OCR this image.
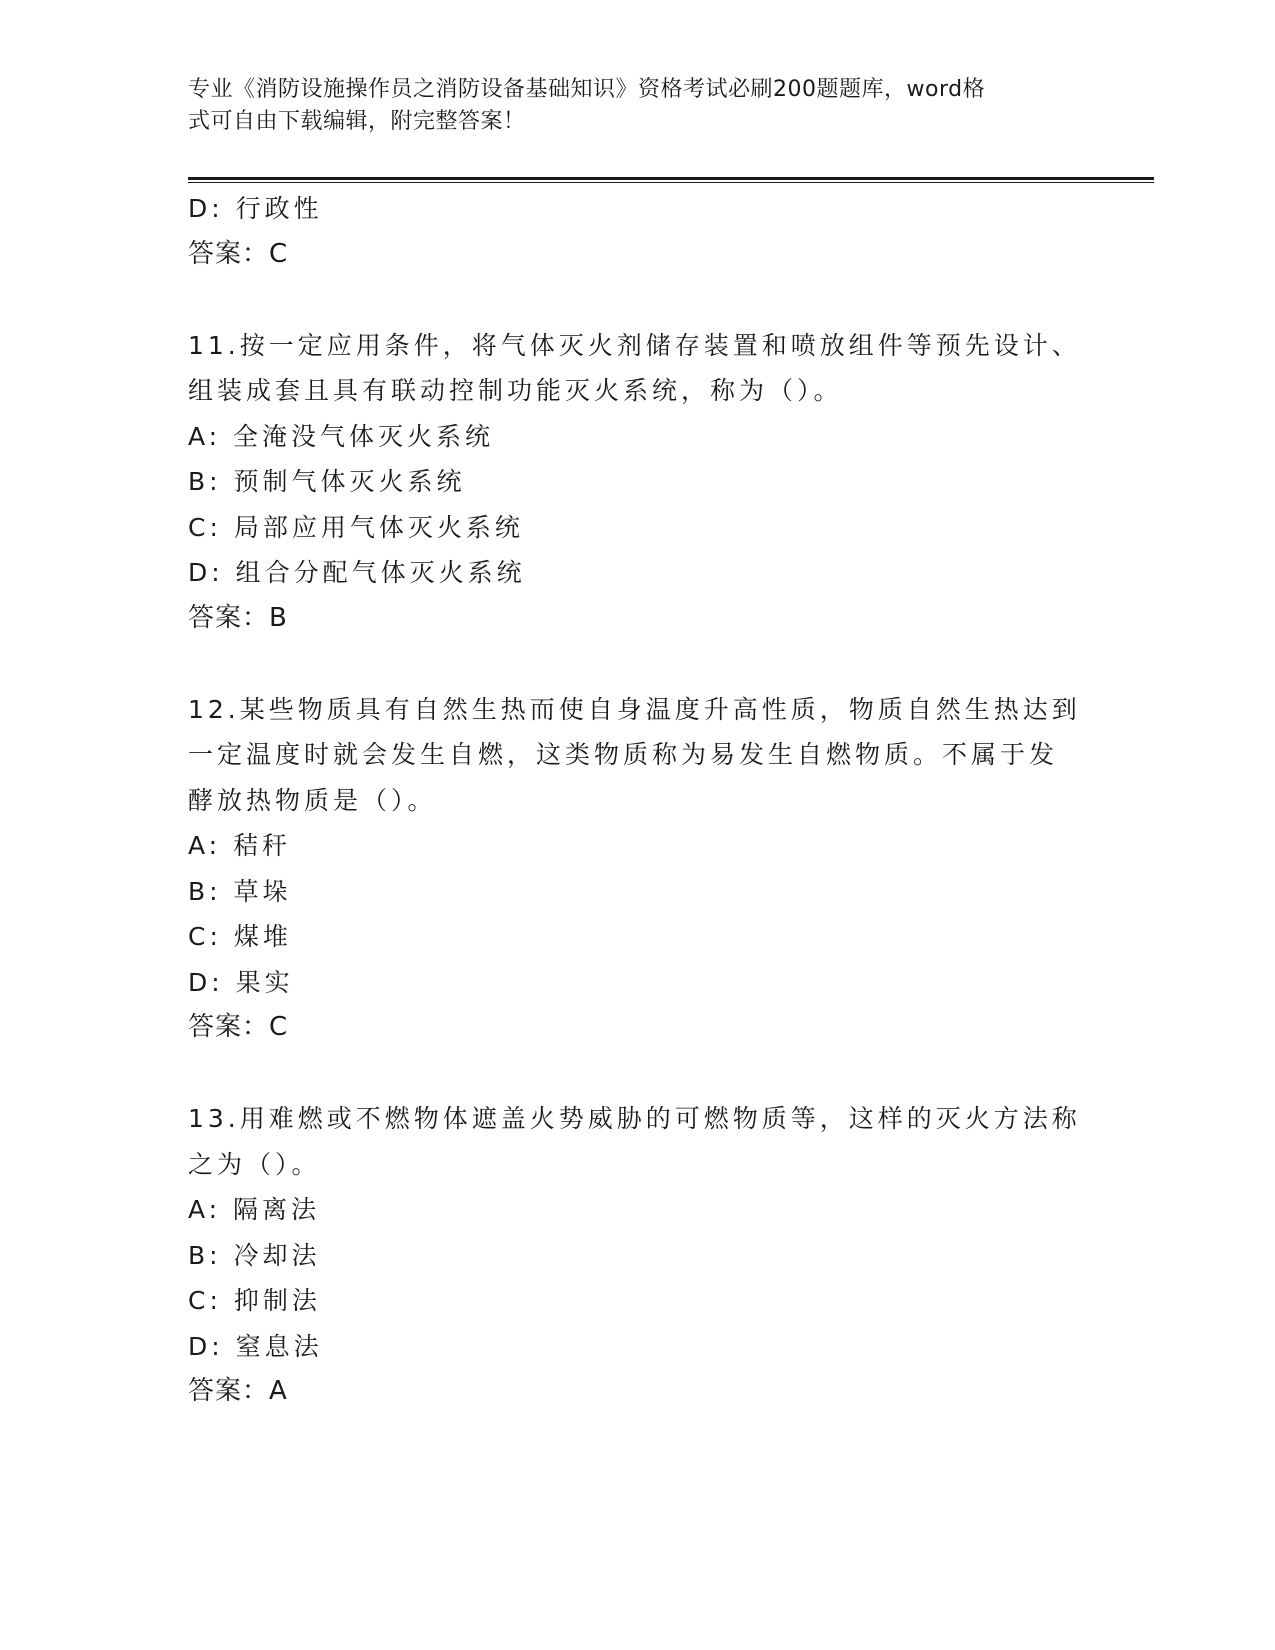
专业《消防设施操作员之消防设备基础知识》资格考试必刷200题题库，word格
式可自由下载编辑，附完整答案！
D: 行政性
答案：C
11.按一定应用条件，将气体灭火剂储存装置和喷放组件等预先设计、
组装成套且具有联动控制功能灭火系统，称为（）。
A: 全淹没气体灭火系统
B: 预制气体灭火系统
C: 局部应用气体灭火系统
D: 组合分配气体灭火系统
答案：B
12.某些物质具有自然生热而使自身温度升高性质，物质自然生热达到
一定温度时就会发生自燃，这类物质称为易发生自燃物质。不属于发
酵放热物质是（）。
A: 秸秆
B: 草垛
C: 煤堆
D: 果实
答案：C
13.用难燃或不燃物体遮盖火势威胁的可燃物质等，这样的灭火方法称
之为（）。
A: 隔离法
B: 冷却法
C: 抑制法
D: 窒息法
答案：A
